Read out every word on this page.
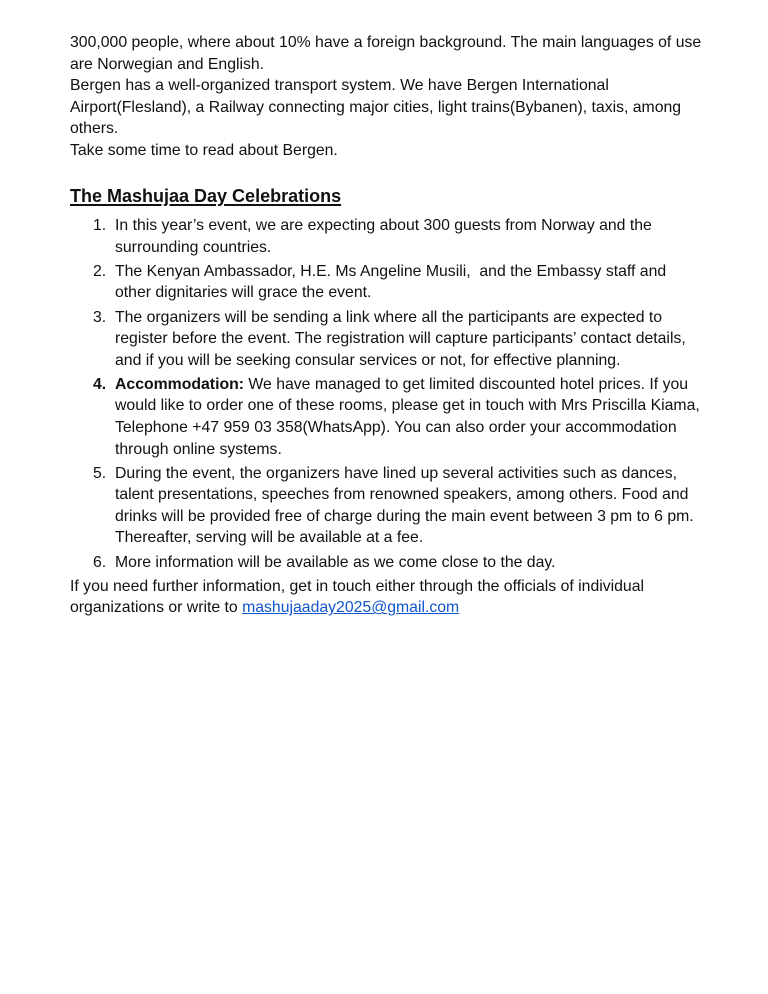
300,000 people, where about 10% have a foreign background. The main languages of use are Norwegian and English.

Bergen has a well-organized transport system. We have Bergen International Airport(Flesland), a Railway connecting major cities, light trains(Bybanen), taxis, among others.

Take some time to read about Bergen.

The Mashujaa Day Celebrations
1. In this year’s event, we are expecting about 300 guests from Norway and the surrounding countries.
2. The Kenyan Ambassador, H.E. Ms Angeline Musili,  and the Embassy staff and other dignitaries will grace the event.
3. The organizers will be sending a link where all the participants are expected to register before the event. The registration will capture participants’ contact details, and if you will be seeking consular services or not, for effective planning.
4. Accommodation: We have managed to get limited discounted hotel prices. If you would like to order one of these rooms, please get in touch with Mrs Priscilla Kiama, Telephone +47 959 03 358(WhatsApp). You can also order your accommodation through online systems.
5. During the event, the organizers have lined up several activities such as dances, talent presentations, speeches from renowned speakers, among others. Food and drinks will be provided free of charge during the main event between 3 pm to 6 pm. Thereafter, serving will be available at a fee.
6. More information will be available as we come close to the day.

If you need further information, get in touch either through the officials of individual organizations or write to mashujaaday2025@gmail.com
